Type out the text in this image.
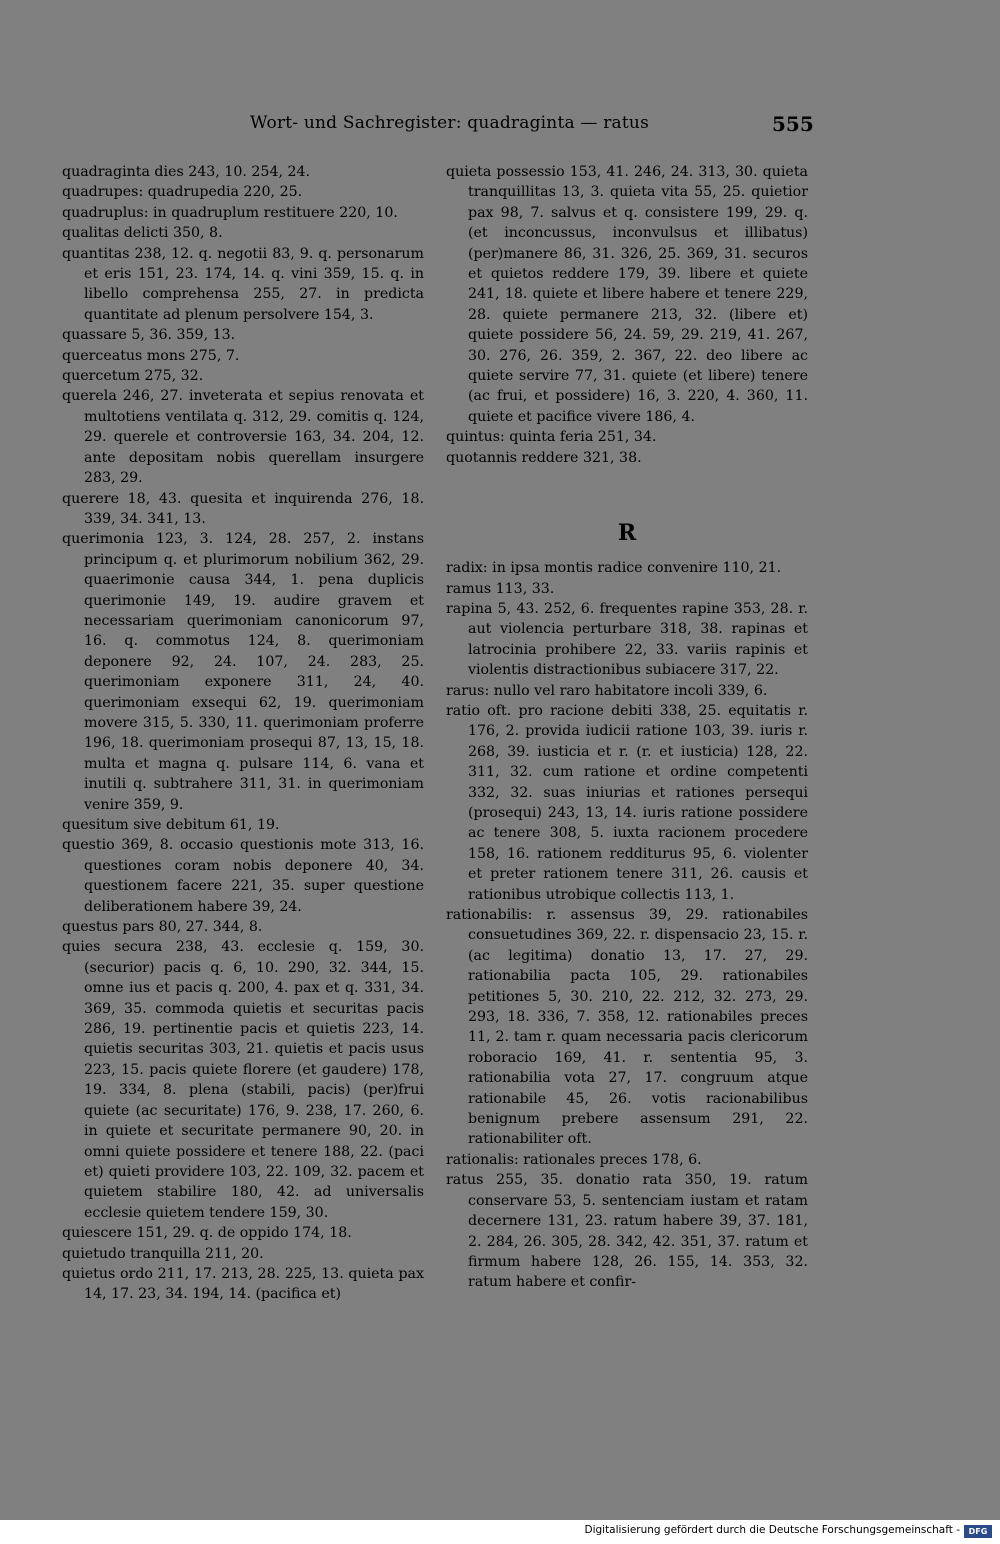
Wort- und Sachregister: quadraginta — ratus	555

quadraginta dies 243, 10. 254, 24.

quadrupes: quadrupedia 220, 25.

quadruplus: in quadruplum restituere 220, 10.

qualitas delicti 350, 8.

quantitas 238, 12. q. negotii 83, 9. q. personarum et eris 151, 23. 174, 14. q. vini 359, 15. q. in libello comprehensa 255, 27. in predicta quantitate ad plenum persolvere 154, 3.

quassare 5, 36. 359, 13.

querceatus mons 275, 7.

quercetum 275, 32.

querela 246, 27. inveterata et sepius renovata et multotiens ventilata q. 312, 29. comitis q. 124, 29. querele et controversie 163, 34. 204, 12. ante depositam nobis querellam insurgere 283, 29.

querere 18, 43. quesita et inquirenda 276, 18. 339, 34. 341, 13.

querimonia 123, 3. 124, 28. 257, 2. instans principum q. et plurimorum nobilium 362, 29. quaerimonie causa 344, 1. pena duplicis querimonie 149, 19. audire gravem et necessariam querimoniam canonicorum 97, 16. q. commotus 124, 8. querimoniam deponere 92, 24. 107, 24. 283, 25. querimoniam exponere 311, 24, 40. querimoniam exsequi 62, 19. querimoniam movere 315, 5. 330, 11. querimoniam proferre 196, 18. querimoniam prosequi 87, 13, 15, 18. multa et magna q. pulsare 114, 6. vana et inutili q. subtrahere 311, 31. in querimoniam venire 359, 9.

quesitum sive debitum 61, 19.

questio 369, 8. occasio questionis mote 313, 16. questiones coram nobis deponere 40, 34. questionem facere 221, 35. super questione deliberationem habere 39, 24.

questus pars 80, 27. 344, 8.

quies secura 238, 43. ecclesie q. 159, 30. (securior) pacis q. 6, 10. 290, 32. 344, 15. omne ius et pacis q. 200, 4. pax et q. 331, 34. 369, 35. commoda quietis et securitas pacis 286, 19. pertinentie pacis et quietis 223, 14. quietis securitas 303, 21. quietis et pacis usus 223, 15. pacis quiete florere (et gaudere) 178, 19. 334, 8. plena (stabili, pacis) (per)frui quiete (ac securitate) 176, 9. 238, 17. 260, 6. in quiete et securitate permanere 90, 20. in omni quiete possidere et tenere 188, 22. (paci et) quieti providere 103, 22. 109, 32. pacem et quietem stabilire 180, 42. ad universalis ecclesie quietem tendere 159, 30.

quiescere 151, 29. q. de oppido 174, 18.

quietudo tranquilla 211, 20.

quietus ordo 211, 17. 213, 28. 225, 13. quieta pax 14, 17. 23, 34. 194, 14. (pacifica et)

quieta possessio 153, 41. 246, 24. 313, 30. quieta tranquillitas 13, 3. quieta vita 55, 25. quietior pax 98, 7. salvus et q. consistere 199, 29. q. (et inconcussus, inconvulsus et illibatus) (per)manere 86, 31. 326, 25. 369, 31. securos et quietos reddere 179, 39. libere et quiete 241, 18. quiete et libere habere et tenere 229, 28. quiete permanere 213, 32. (libere et) quiete possidere 56, 24. 59, 29. 219, 41. 267, 30. 276, 26. 359, 2. 367, 22. deo libere ac quiete servire 77, 31. quiete (et libere) tenere (ac frui, et possidere) 16, 3. 220, 4. 360, 11. quiete et pacifice vivere 186, 4.

quintus: quinta feria 251, 34.

quotannis reddere 321, 38.

R

radix: in ipsa montis radice convenire 110, 21.

ramus 113, 33.

rapina 5, 43. 252, 6. frequentes rapine 353, 28. r. aut violencia perturbare 318, 38. rapinas et latrocinia prohibere 22, 33. variis rapinis et violentis distractionibus subiacere 317, 22.

rarus: nullo vel raro habitatore incoli 339, 6.

ratio oft. pro racione debiti 338, 25. equitatis r. 176, 2. provida iudicii ratione 103, 39. iuris r. 268, 39. iusticia et r. (r. et iusticia) 128, 22. 311, 32. cum ratione et ordine competenti 332, 32. suas iniurias et rationes persequi (prosequi) 243, 13, 14. iuris ratione possidere ac tenere 308, 5. iuxta racionem procedere 158, 16. rationem redditurus 95, 6. violenter et preter rationem tenere 311, 26. causis et rationibus utrobique collectis 113, 1.

rationabilis: r. assensus 39, 29. rationabiles consuetudines 369, 22. r. dispensacio 23, 15. r. (ac legitima) donatio 13, 17. 27, 29. rationabilia pacta 105, 29. rationabiles petitiones 5, 30. 210, 22. 212, 32. 273, 29. 293, 18. 336, 7. 358, 12. rationabiles preces 11, 2. tam r. quam necessaria pacis clericorum roboracio 169, 41. r. sententia 95, 3. rationabilia vota 27, 17. congruum atque rationabile 45, 26. votis racionabilibus benignum prebere assensum 291, 22. rationabiliter oft.

rationalis: rationales preces 178, 6.

ratus 255, 35. donatio rata 350, 19. ratum conservare 53, 5. sentenciam iustam et ratam decernere 131, 23. ratum habere 39, 37. 181, 2. 284, 26. 305, 28. 342, 42. 351, 37. ratum et firmum habere 128, 26. 155, 14. 353, 32. ratum habere et confir-

Digitalisierung gefördert durch die Deutsche Forschungsgemeinschaft -	DFG
